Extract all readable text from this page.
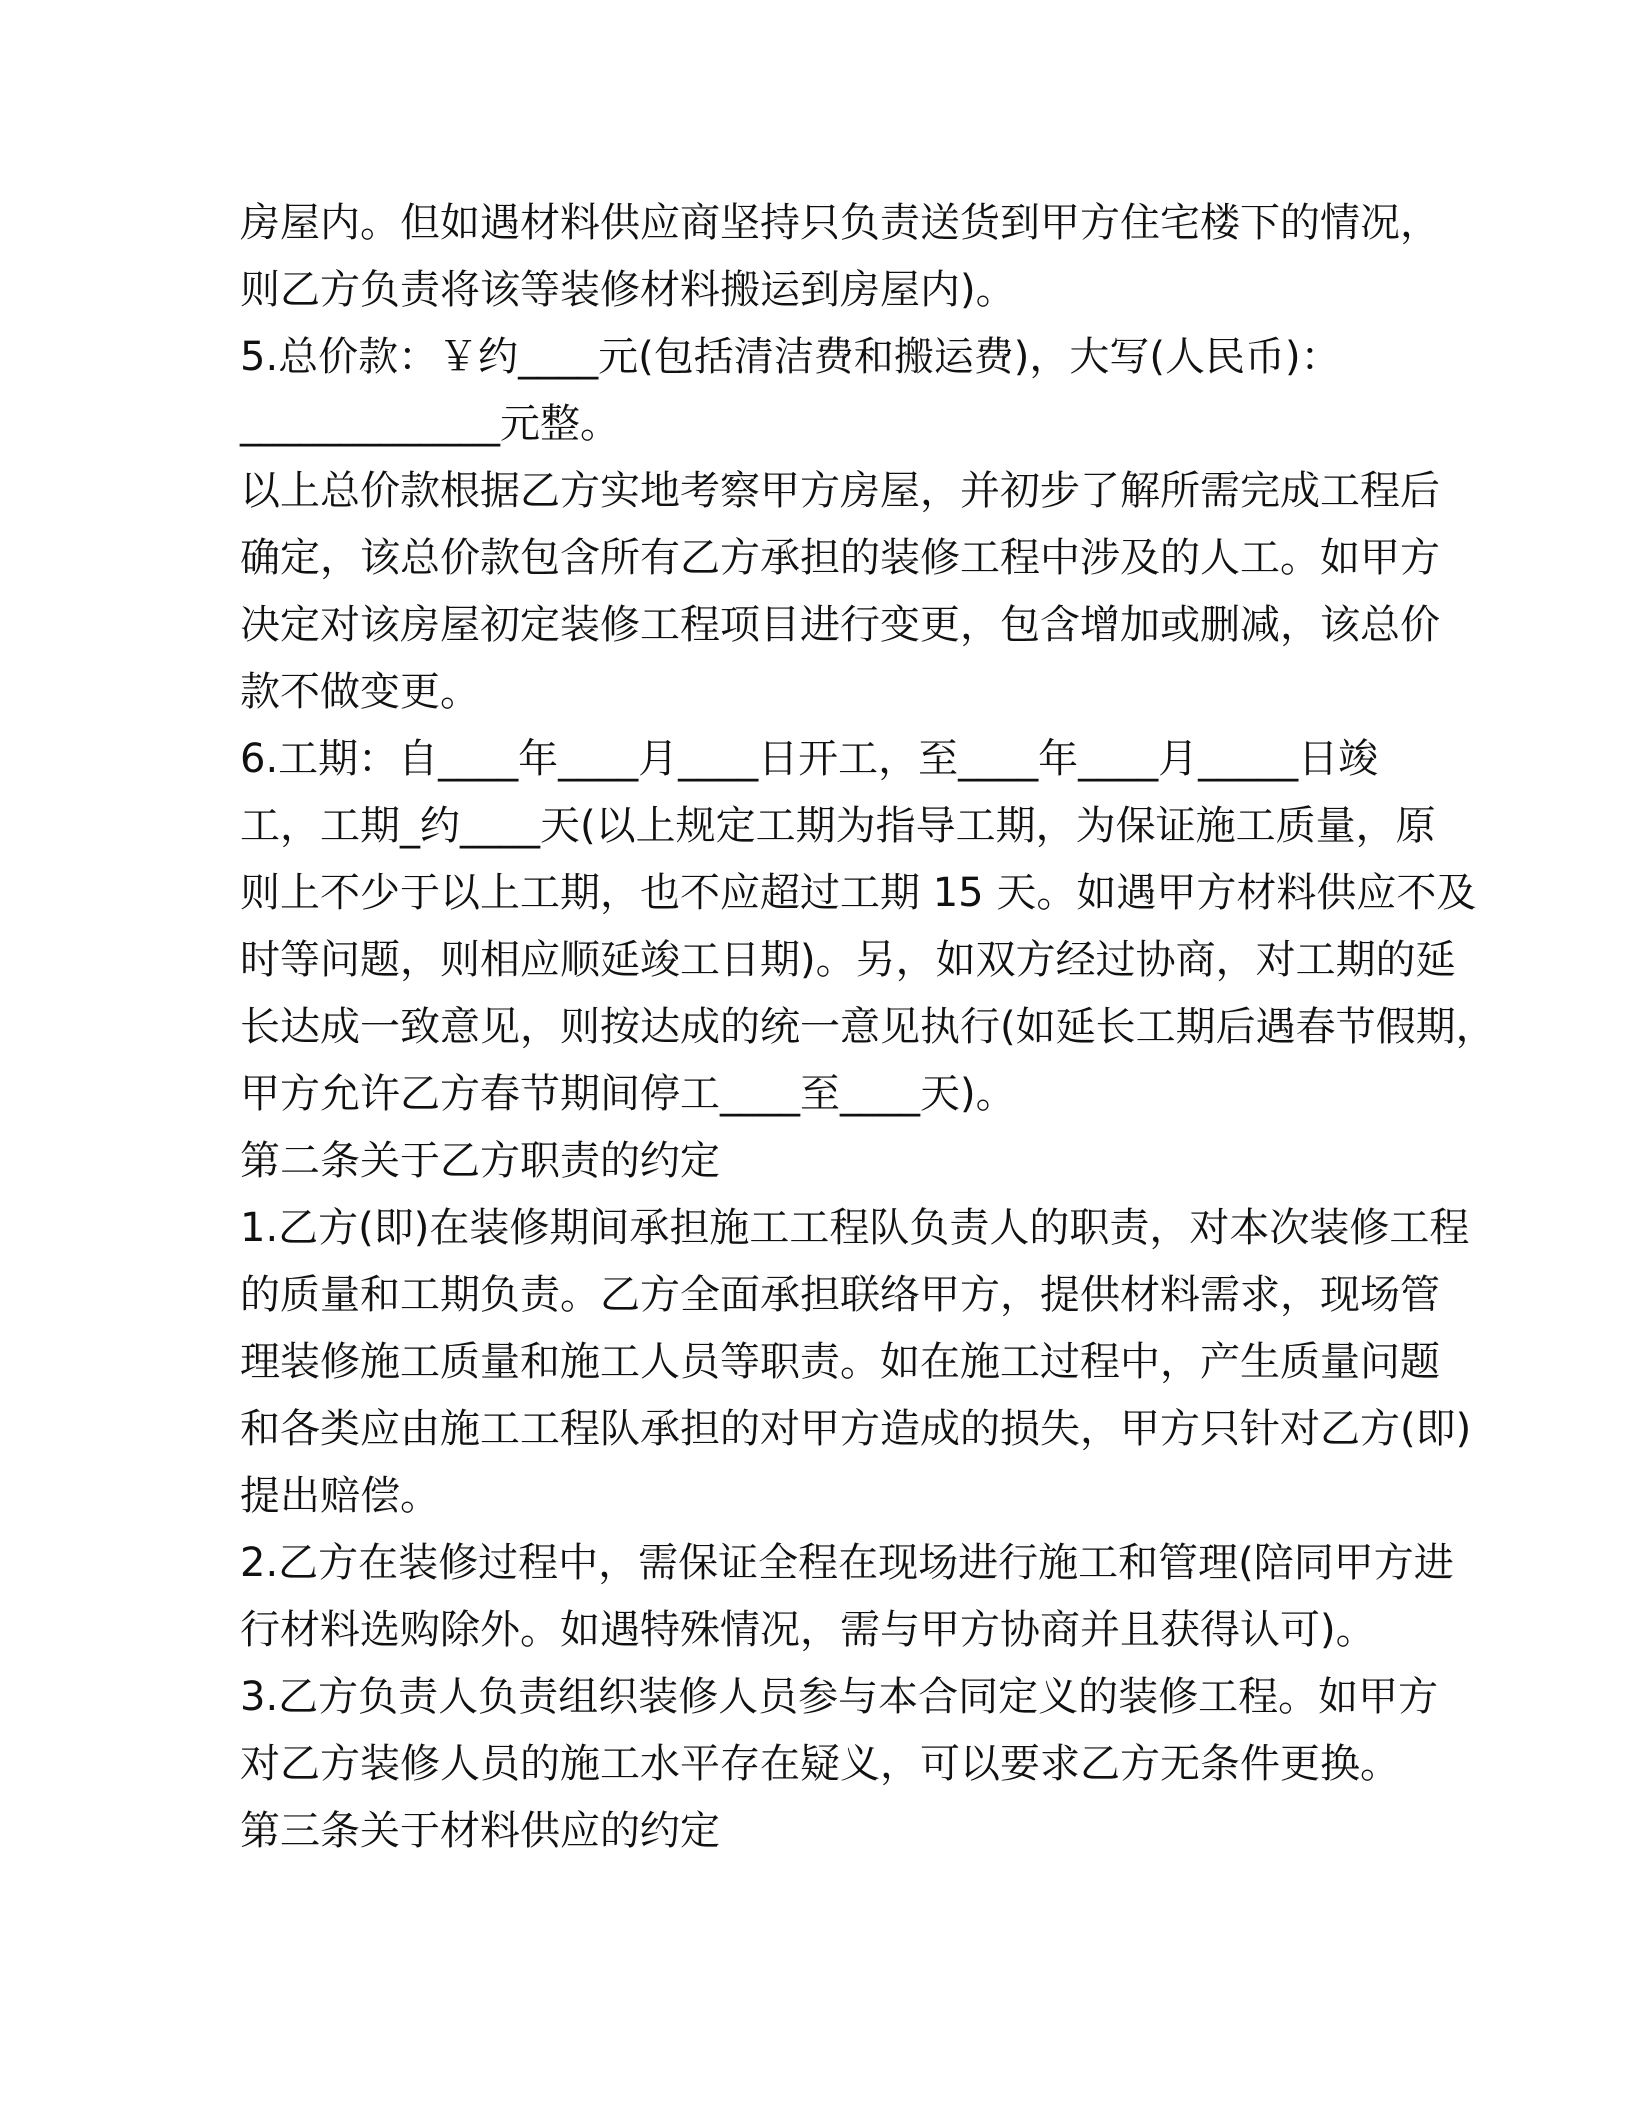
房屋内。但如遇材料供应商坚持只负责送货到甲方住宅楼下的情况，
则乙方负责将该等装修材料搬运到房屋内)。
5.总价款：￥约____元(包括清洁费和搬运费)，大写(人民币)：
_____________元整。
以上总价款根据乙方实地考察甲方房屋，并初步了解所需完成工程后
确定，该总价款包含所有乙方承担的装修工程中涉及的人工。如甲方
决定对该房屋初定装修工程项目进行变更，包含增加或删减，该总价
款不做变更。
6.工期：自____年____月____日开工，至____年____月_____日竣
工，工期_约____天(以上规定工期为指导工期，为保证施工质量，原
则上不少于以上工期，也不应超过工期 15 天。如遇甲方材料供应不及
时等问题，则相应顺延竣工日期)。另，如双方经过协商，对工期的延
长达成一致意见，则按达成的统一意见执行(如延长工期后遇春节假期，
甲方允许乙方春节期间停工____至____天)。
第二条关于乙方职责的约定
1.乙方(即)在装修期间承担施工工程队负责人的职责，对本次装修工程
的质量和工期负责。乙方全面承担联络甲方，提供材料需求，现场管
理装修施工质量和施工人员等职责。如在施工过程中，产生质量问题
和各类应由施工工程队承担的对甲方造成的损失，甲方只针对乙方(即)
提出赔偿。
2.乙方在装修过程中，需保证全程在现场进行施工和管理(陪同甲方进
行材料选购除外。如遇特殊情况，需与甲方协商并且获得认可)。
3.乙方负责人负责组织装修人员参与本合同定义的装修工程。如甲方
对乙方装修人员的施工水平存在疑义，可以要求乙方无条件更换。
第三条关于材料供应的约定
